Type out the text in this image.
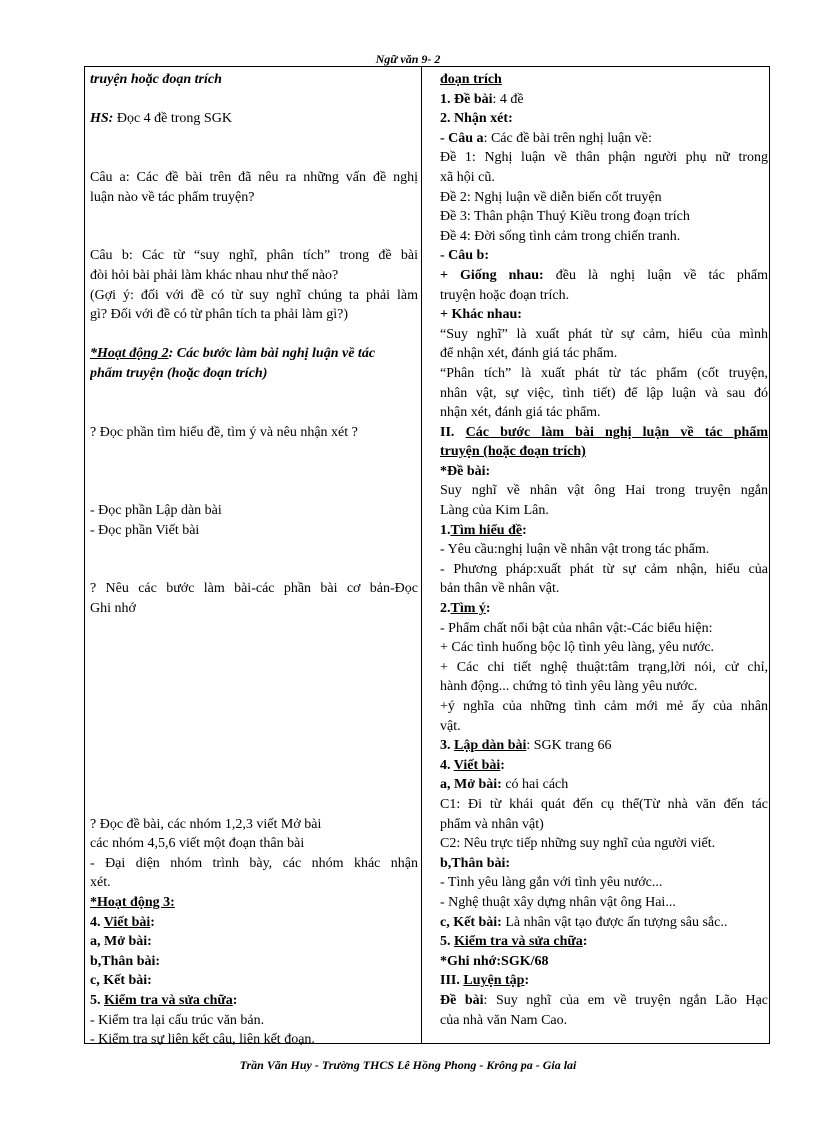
Ngữ văn 9- 2
truyện hoặc đoạn trích
HS: Đọc 4 đề trong SGK
Câu a: Các đề bài trên đã nêu ra những vấn đề nghị
luận nào về tác phẩm truyện?
Câu b: Các từ “suy nghĩ, phân tích” trong đề bài
đòi hỏi bài phải làm khác nhau như thế nào?
(Gợi ý: đối với đề có từ suy nghĩ chúng ta phải làm
gì? Đối với đề có từ phân tích ta phải làm gì?)
*Hoạt động 2: Các bước làm bài nghị luận về tác
phẩm truyện (hoặc đoạn trích)
? Đọc phần tìm hiểu đề, tìm ý và nêu nhận xét ?
- Đọc phần Lập dàn bài
- Đọc phần Viết bài
? Nêu các bước làm bài-các phần bài cơ bản-Đọc
Ghi nhớ
? Đọc đề bài, các nhóm 1,2,3 viết Mở bài
các nhóm 4,5,6 viết một đoạn thân bài
- Đại diện nhóm trình bày, các nhóm khác nhận
xét.
*Hoạt động 3:
4. Viết bài:
a, Mở bài:
b,Thân bài:
c, Kết bài:
5. Kiểm tra và sửa chữa:
- Kiểm tra lại cấu trúc văn bản.
- Kiểm tra sự liên kết câu, liên kết đoạn.
đoạn trích
1. Đề bài: 4 đề
2. Nhận xét:
- Câu a: Các đề bài trên nghị luận về:
Đề 1: Nghị luận về thân phận người phụ nữ trong
xã hội cũ.
Đề 2: Nghị luận về diễn biến cốt truyện
Đề 3: Thân phận Thuý Kiều trong đoạn trích
Đề 4: Đời sống tình cảm trong chiến tranh.
- Câu b:
+ Giống nhau: đều là nghị luận về tác phẩm
truyện hoặc đoạn trích.
+ Khác nhau:
“Suy nghĩ” là xuất phát từ sự cảm, hiểu của mình
để nhận xét, đánh giá tác phẩm.
“Phân tích” là xuất phát từ tác phẩm (cốt truyện,
nhân vật, sự việc, tình tiết) để lập luận và sau đó
nhận xét, đánh giá tác phẩm.
II. Các bước làm bài nghị luận về tác phẩm
truyện (hoặc đoạn trích)
*Đề bài:
Suy nghĩ về nhân vật ông Hai trong truyện ngắn
Làng của Kim Lân.
1.Tìm hiểu đề:
- Yêu cầu:nghị luận về nhân vật trong tác phẩm.
- Phương pháp:xuất phát từ sự cảm nhận, hiểu của
bản thân về nhân vật.
2.Tìm ý:
- Phẩm chất nổi bật của nhân vật:-Các biểu hiện:
+ Các tình huống bộc lộ tình yêu làng, yêu nước.
+ Các chi tiết nghệ thuật:tâm trạng,lời nói, cử chỉ,
hành động... chứng tỏ tình yêu làng yêu nước.
+ý nghĩa của những tình cảm mới mẻ ấy của nhân
vật.
3. Lập dàn bài: SGK trang 66
4. Viết bài:
a, Mở bài: có hai cách
C1: Đi từ khái quát đến cụ thể(Từ nhà văn đến tác
phẩm và nhân vật)
C2: Nêu trực tiếp những suy nghĩ của người viết.
b,Thân bài:
- Tình yêu làng gắn với tình yêu nước...
- Nghệ thuật xây dựng nhân vật ông Hai...
c, Kết bài: Là nhân vật tạo được ấn tượng sâu sắc..
5. Kiểm tra và sửa chữa:
*Ghi nhớ:SGK/68
III. Luyện tập:
Đề bài: Suy nghĩ của em về truyện ngắn Lão Hạc
của nhà văn Nam Cao.
Trần Văn Huy - Trường THCS Lê Hồng Phong - Krông pa - Gia lai
